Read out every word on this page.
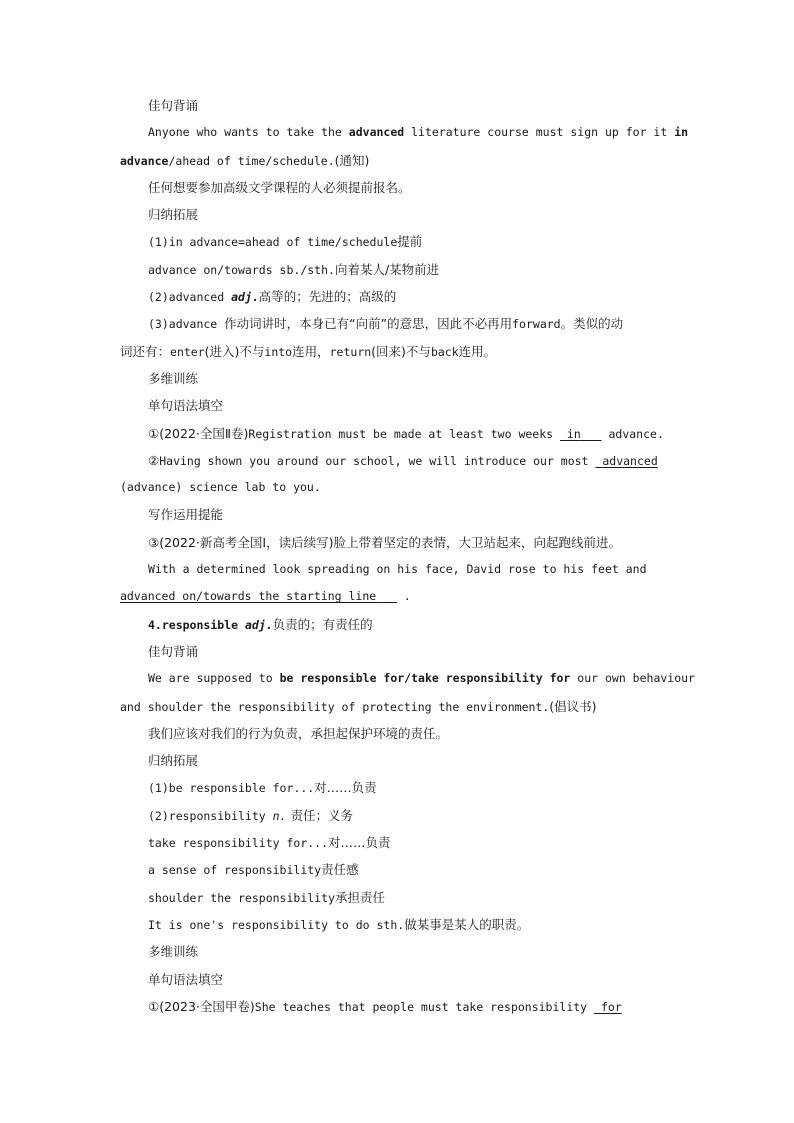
佳句背诵
Anyone who wants to take the advanced literature course must sign up for it in
advance/ahead of time/schedule.(通知)
任何想要参加高级文学课程的人必须提前报名。
归纳拓展
(1)in advance=ahead of time/schedule提前
advance on/towards sb./sth.向着某人/某物前进
(2)advanced adj.高等的；先进的；高级的
(3)advance 作动词讲时，本身已有“向前”的意思，因此不必再用forward。类似的动
词还有：enter(进入)不与into连用，return(回来)不与back连用。
多维训练
单句语法填空
①(2022·全国Ⅱ卷)Registration must be made at least two weeks  in    advance.
②Having shown you around our school, we will introduce our most advanced
(advance) science lab to you.
写作运用提能
③(2022·新高考全国Ⅰ，读后续写)脸上带着坚定的表情，大卫站起来，向起跑线前进。
With a determined look spreading on his face, David rose to his feet and
advanced on/towards the starting line .
4.responsible adj.负责的；有责任的
佳句背诵
We are supposed to be responsible for/take responsibility for our own behaviour
and shoulder the responsibility of protecting the environment.(倡议书)
我们应该对我们的行为负责，承担起保护环境的责任。
归纳拓展
(1)be responsible for...对……负责
(2)responsibility n. 责任；义务
take responsibility for...对……负责
a sense of responsibility责任感
shoulder the responsibility承担责任
It is one's responsibility to do sth.做某事是某人的职责。
多维训练
单句语法填空
①(2023·全国甲卷)She teaches that people must take responsibility for
